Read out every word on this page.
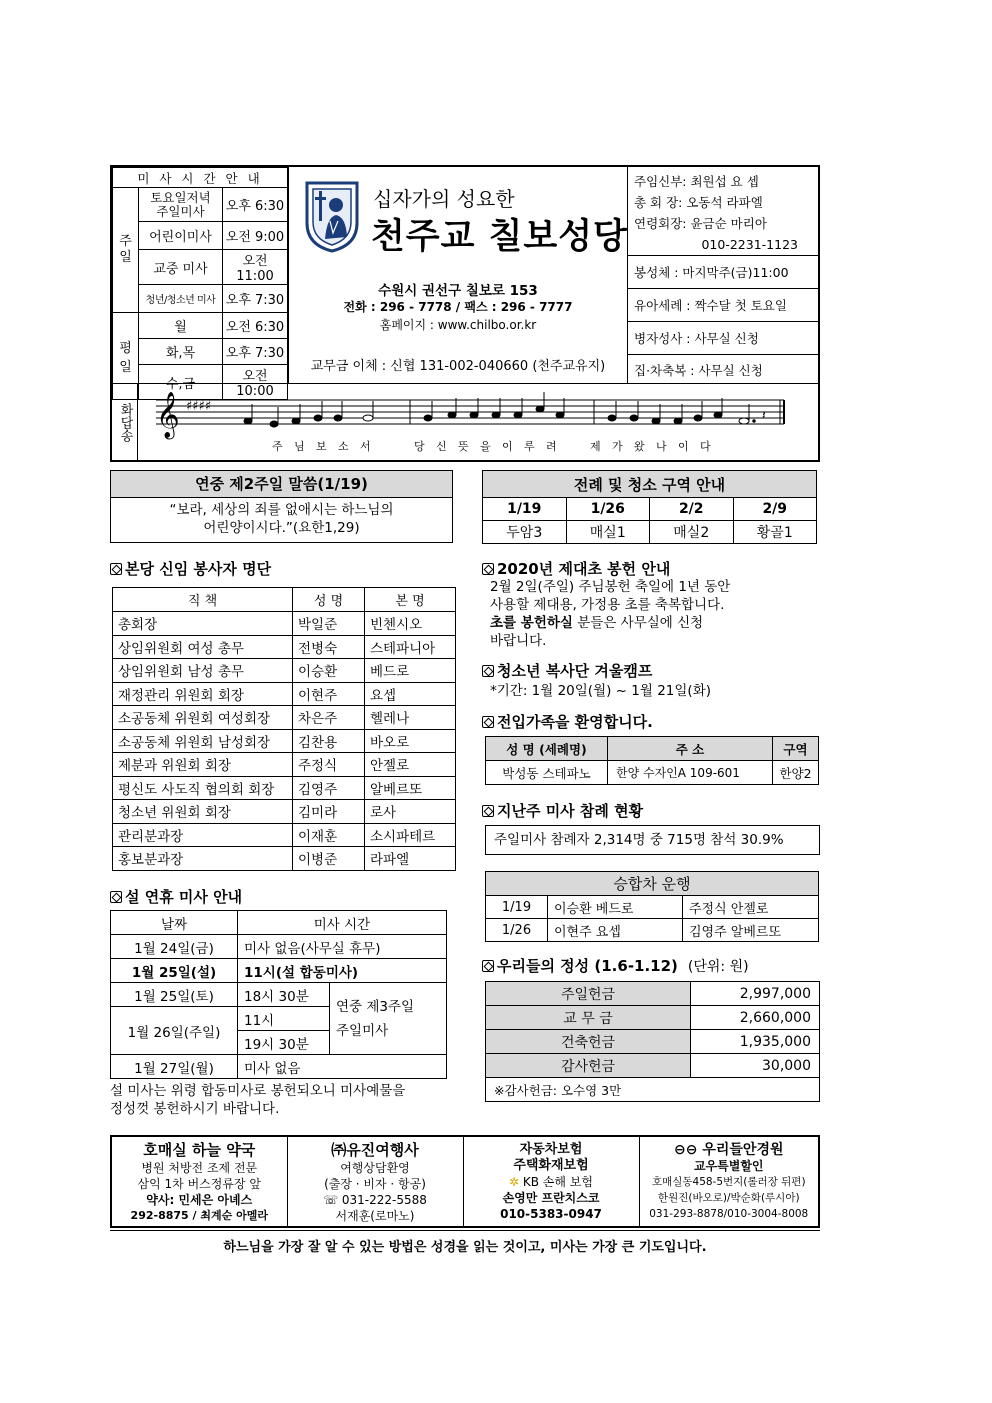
미 사 시 간 안 내		
주일	토요일저녁
주일미사	오후 6:30
	어린이미사	오전 9:00
	교중 미사	오전11:00
	청년/청소년 미사	오후 7:30
평일	월	오전 6:30
	화,목	오후 7:30
	수,금	오전10:00
십자가의 성요한
천주교 칠보성당
수원시 권선구 칠보로 153
전화 : 296 - 7778 / 팩스 : 296 - 7777
홈페이지 : www.chilbo.or.kr
교무금 이체 : 신협 131-002-040660 (천주교유지)
주임신부: 최원섭 요 셉
총 회 장: 오동석 라파엘
연령회장: 윤금순 마리아
010-2231-1123

봉성체 : 마지막주(금)11:00
유아세례 : 짝수달 첫 토요일
병자성사 : 사무실 신청
집·차축복 : 사무실 신청
화답송 𝄞 ♯♯♯♯
𝄽
주 님 보 소 서	당 신 뜻 을 이 루 려	제 가 왔 나 이 다
연중 제2주일 말씀(1/19)
“보라, 세상의 죄를 없애시는 하느님의
어린양이시다.”(요한1,29)
본당 신임 봉사자 명단
직 책	성 명	본 명
총회장	박일준	빈첸시오
상임위원회 여성 총무	전병숙	스테파니아
상임위원회 남성 총무	이승환	베드로
재정관리 위원회 회장	이현주	요셉
소공동체 위원회 여성회장	차은주	헬레나
소공동체 위원회 남성회장	김찬용	바오로
제분과 위원회 회장	주정식	안젤로
평신도 사도직 협의회 회장	김영주	알베르또
청소년 위원회 회장	김미라	로사
관리분과장	이재훈	소시파테르
홍보분과장	이병준	라파엘
설 연휴 미사 안내
날짜	미사 시간	
1월 24일(금)	미사 없음(사무실 휴무)	
1월 25일(설)	11시(설 합동미사)	
1월 25일(토)	18시 30분	연중 제3주일
주일미사
1월 26일(주일)	11시	
	19시 30분	
1월 27일(월)	미사 없음	
설 미사는 위령 합동미사로 봉헌되오니 미사예물을
정성껏 봉헌하시기 바랍니다.
전례 및 청소 구역 안내			
1/19	1/26	2/2	2/9
두암3	매실1	매실2	황골1
2020년 제대초 봉헌 안내
2월 2일(주일) 주님봉헌 축일에 1년 동안
사용할 제대용, 가정용 초를 축복합니다.
초를 봉헌하실 분들은 사무실에 신청
바랍니다.
청소년 복사단 겨울캠프
*기간: 1월 20일(월) ~ 1월 21일(화)
전입가족을 환영합니다.
성 명 (세례명)	주 소	구역
박성동 스테파노	한양 수자인A 109-601	한양2
지난주 미사 참례 현황
주일미사 참례자 2,314명 중 715명 참석 30.9%
승합차 운행		
1/19	이승환 베드로	주정식 안젤로
1/26	이현주 요셉	김영주 알베르또
우리들의 정성 (1.6-1.12) (단위: 원)
주일헌금	2,997,000
교 무 금	2,660,000
건축헌금	1,935,000
감사헌금	30,000
※감사헌금: 오수영 3만	
호매실 하늘 약국
병원 처방전 조제 전문
삼익 1차 버스정류장 앞
약사: 민세은 아녜스
292-8875 / 최계순 아멜라

㈜유진여행사
여행상담환영
(출장 · 비자 · 항공)
☏ 031-222-5588
서재훈(로마노)

자동차보험
주택화재보험
✲ KB 손해 보험
손영만 프란치스코
010-5383-0947

⊖⊖ 우리들안경원
교우특별할인
호매실동458-5번지(롤러장 뒤편)
한원진(바오로)/박순화(루시아)
031-293-8878/010-3004-8008
하느님을 가장 잘 알 수 있는 방법은 성경을 읽는 것이고, 미사는 가장 큰 기도입니다.
